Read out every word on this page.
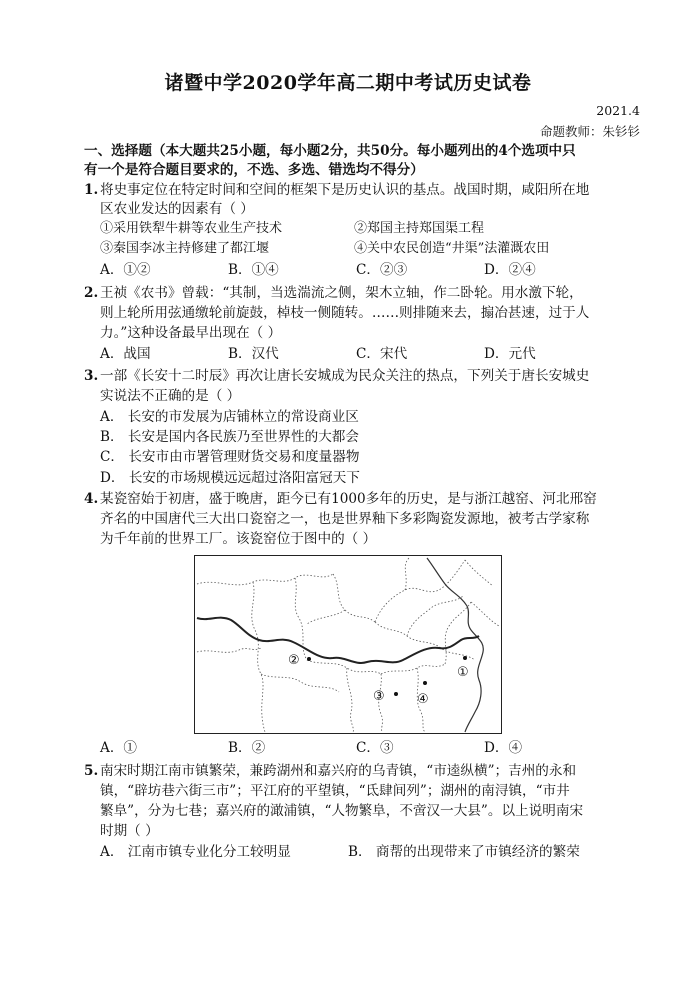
诸暨中学2020学年高二期中考试历史试卷
2021.4
命题教师：朱钐钐
一、选择题（本大题共25小题，每小题2分，共50分。每小题列出的4个选项中只
有一个是符合题目要求的，不选、多选、错选均不得分）
1. 将史事定位在特定时间和空间的框架下是历史认识的基点。战国时期，咸阳所在地
区农业发达的因素有（ ）
①采用铁犁牛耕等农业生产技术	②郑国主持郑国渠工程
③秦国李冰主持修建了都江堰	④关中农民创造“井渠”法灌溉农田
A．①②	B．①④	C．②③	D．②④
2. 王祯《农书》曾载：“其制，当选湍流之侧，架木立轴，作二卧轮。用水激下轮，
则上轮所用弦通缴轮前旋鼓，棹枝一侧随转。……则排随来去，搧冶甚速，过于人
力。”这种设备最早出现在（ ）
A．战国	B．汉代	C．宋代	D．元代
3. 一部《长安十二时辰》再次让唐长安城成为民众关注的热点，下列关于唐长安城史
实说法不正确的是（ ）
A． 长安的市发展为店铺林立的常设商业区
B． 长安是国内各民族乃至世界性的大都会
C． 长安市由市署管理财货交易和度量器物
D． 长安的市场规模远远超过洛阳富冠天下
4. 某瓷窑始于初唐，盛于晚唐，距今已有1000多年的历史，是与浙江越窑、河北邢窑
齐名的中国唐代三大出口瓷窑之一，也是世界釉下多彩陶瓷发源地，被考古学家称
为千年前的世界工厂。该瓷窑位于图中的（ ）
②
①
③ ④
A．①	B．②	C．③	D．④
5. 南宋时期江南市镇繁荣，兼跨湖州和嘉兴府的乌青镇，“市逵纵横”；吉州的永和
镇，“辟坊巷六街三市”；平江府的平望镇，“氐肆间列”；湖州的南浔镇，“市井
繁阜”，分为七巷；嘉兴府的澉浦镇，“人物繁阜，不啻汉一大县”。以上说明南宋
时期（ ）
A． 江南市镇专业化分工较明显	B． 商帮的出现带来了市镇经济的繁荣
